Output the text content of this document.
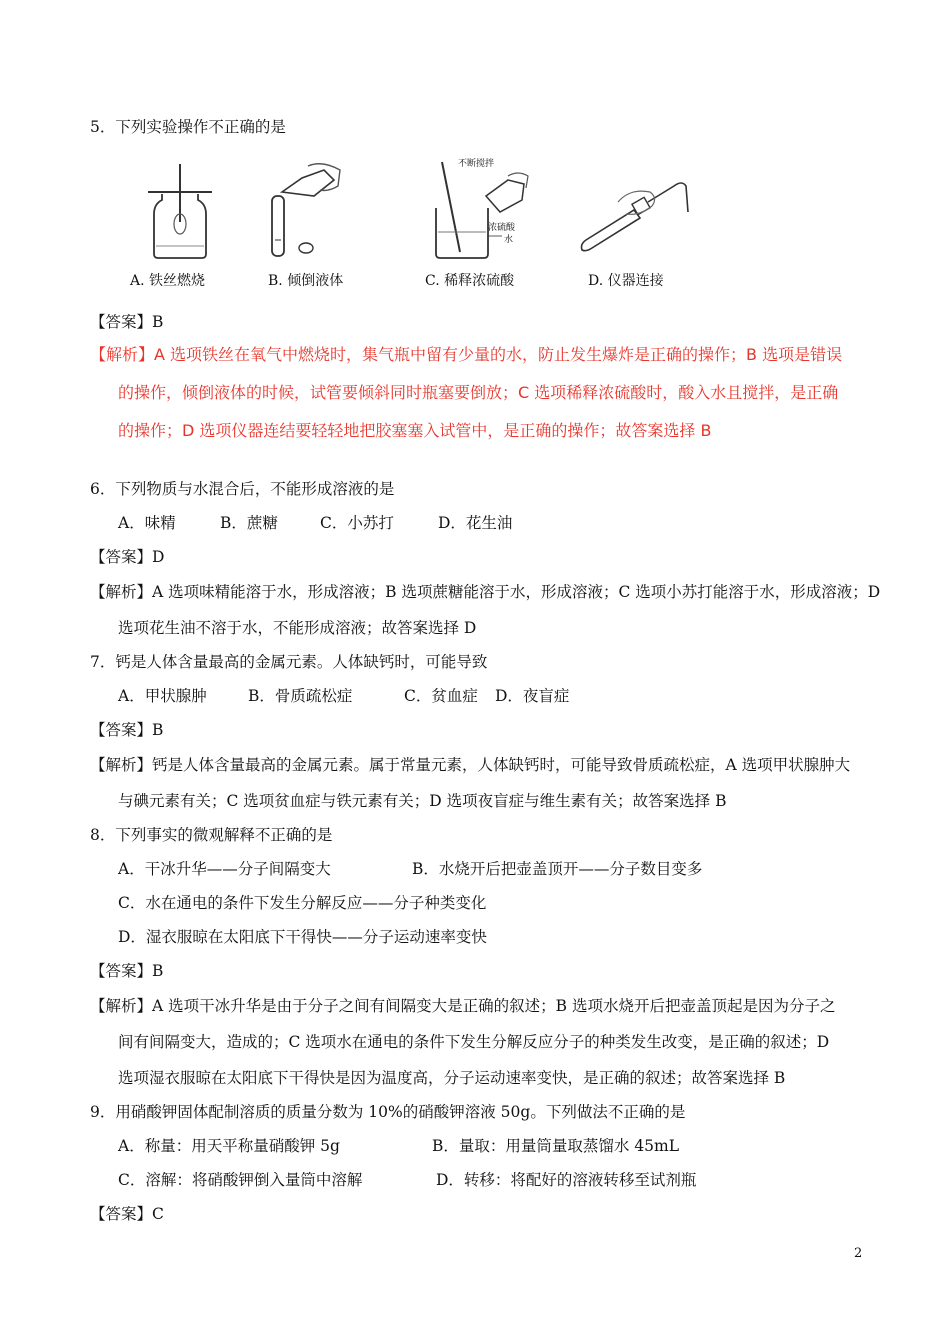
5．下列实验操作不正确的是
A. 铁丝燃烧	B. 倾倒液体
不断搅拌
浓硫酸
水
C. 稀释浓硫酸	D. 仪器连接
【答案】B
【解析】A 选项铁丝在氧气中燃烧时，集气瓶中留有少量的水，防止发生爆炸是正确的操作；B 选项是错误
的操作，倾倒液体的时候，试管要倾斜同时瓶塞要倒放；C 选项稀释浓硫酸时，酸入水且搅拌，是正确
的操作；D 选项仪器连结要轻轻地把胶塞塞入试管中，是正确的操作；故答案选择 B
6．下列物质与水混合后，不能形成溶液的是
A．味精	B．蔗糖	C．小苏打	D．花生油
【答案】D
【解析】A 选项味精能溶于水，形成溶液；B 选项蔗糖能溶于水，形成溶液；C 选项小苏打能溶于水，形成溶液；D
选项花生油不溶于水，不能形成溶液；故答案选择 D
7．钙是人体含量最高的金属元素。人体缺钙时，可能导致
A．甲状腺肿	B．骨质疏松症	C．贫血症 D．夜盲症
【答案】B
【解析】钙是人体含量最高的金属元素。属于常量元素，人体缺钙时，可能导致骨质疏松症，A 选项甲状腺肿大
与碘元素有关；C 选项贫血症与铁元素有关；D 选项夜盲症与维生素有关；故答案选择 B
8．下列事实的微观解释不正确的是
A．干冰升华——分子间隔变大	B．水烧开后把壶盖顶开——分子数目变多
C．水在通电的条件下发生分解反应——分子种类变化
D．湿衣服晾在太阳底下干得快——分子运动速率变快
【答案】B
【解析】A 选项干冰升华是由于分子之间有间隔变大是正确的叙述；B 选项水烧开后把壶盖顶起是因为分子之
间有间隔变大，造成的；C 选项水在通电的条件下发生分解反应分子的种类发生改变，是正确的叙述；D
选项湿衣服晾在太阳底下干得快是因为温度高，分子运动速率变快，是正确的叙述；故答案选择 B
9．用硝酸钾固体配制溶质的质量分数为 10%的硝酸钾溶液 50g。下列做法不正确的是
A．称量：用天平称量硝酸钾 5g	B．量取：用量筒量取蒸馏水 45mL
C．溶解：将硝酸钾倒入量筒中溶解	D．转移：将配好的溶液转移至试剂瓶
【答案】C
2
